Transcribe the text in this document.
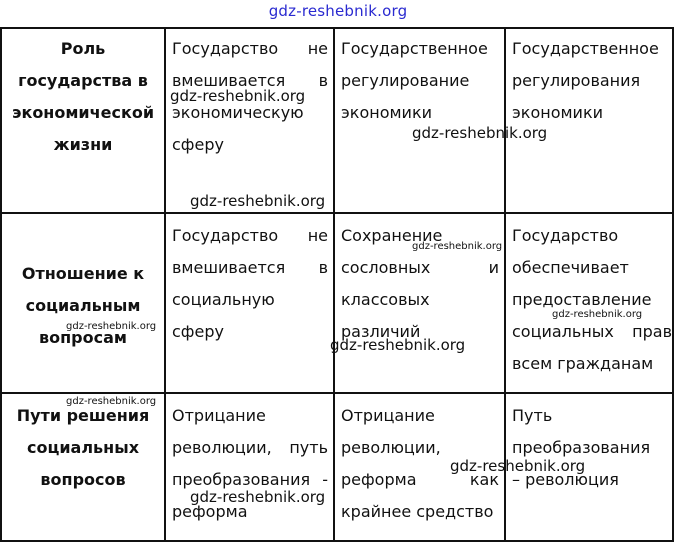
gdz-reshebnik.org
Роль
государства в
экономической
жизни
Государство не
вмешивается в
экономическую
сферу
Государственное
регулирование
экономики
Государственное
регулирования
экономики
Отношение к
социальным
вопросам
Государство не
вмешивается в
социальную
сферу
Сохранение
сословных	и
классовых
различий
Государство
обеспечивает
предоставление
социальных прав
всем гражданам
Пути решения
социальных
вопросов
Отрицание
революции, путь
преобразования -
реформа
Отрицание
революции,
реформа	как
крайнее средство
Путь
преобразования
– революция
gdz-reshebnik.org
gdz-reshebnik.org
gdz-reshebnik.org
gdz-reshebnik.org
gdz-reshebnik.org
gdz-reshebnik.org
gdz-reshebnik.org
gdz-reshebnik.org
gdz-reshebnik.org
gdz-reshebnik.org
